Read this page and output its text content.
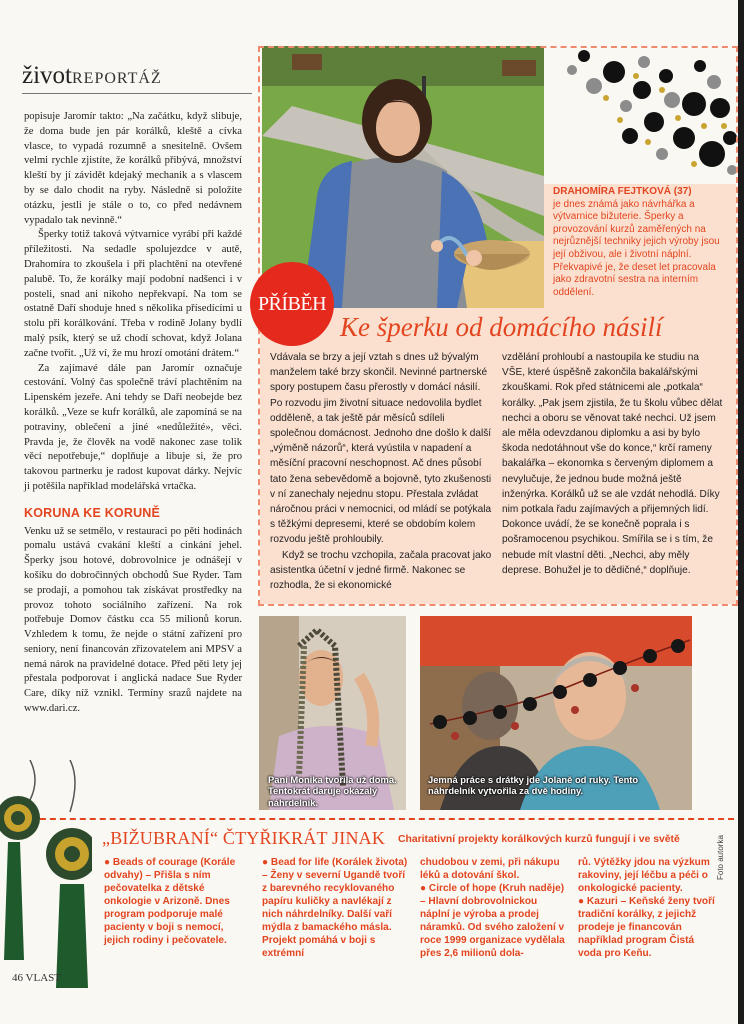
životREPORTÁŽ

popisuje Jaromír takto: „Na začátku, když slibuje, že doma bude jen pár korálků, kleště a cívka vlasce, to vypadá rozumně a snesitelně. Ovšem velmi rychle zjistíte, že korálků přibývá, množství kleští by jí závidět kdejaký mechanik a s vlascem by se dalo chodit na ryby. Následně si položíte otázku, jestli je stále o to, co před nedávnem vypadalo tak nevinně.“

Šperky totiž taková výtvarnice vyrábí při každé příležitosti. Na sedadle spolujezdce v autě, Drahomíra to zkoušela i při plachtění na otevřené palubě. To, že korálky mají podobní nadšenci i v posteli, snad ani nikoho nepřekvapí. Na tom se ostatně Daří shoduje hned s několika přísedícími u stolu při korálkování. Třeba v rodině Jolany bydlí malý psík, který se už chodí schovat, když Jolana začne tvořit. „Už ví, že mu hrozí omotání drátem.“

Za zajímavé dále pan Jaromír označuje cestování. Volný čas společně tráví plachtěním na Lipenském jezeře. Ani tehdy se Daří neobejde bez korálků. „Veze se kufr korálků, ale zapomíná se na potraviny, oblečení a jiné «nedůležité», věci. Pravda je, že člověk na vodě nakonec zase tolik věcí nepotřebuje,“ doplňuje a libuje si, že pro takovou partnerku je radost kupovat dárky. Nejvíc ji potěšila například modelářská vrtačka.

KORUNA KE KORUNĚ

Venku už se setmělo, v restauraci po pěti hodinách pomalu ustává cvakání kleští a cinkání jehel. Šperky jsou hotové, dobrovolnice je odnášejí v košíku do dobročinných obchodů Sue Ryder. Tam se prodají, a pomohou tak získávat prostředky na provoz tohoto sociálního zařízení. Na rok potřebuje Domov částku cca 55 milionů korun. Vzhledem k tomu, že nejde o státní zařízení pro seniory, není financován zřizovatelem ani MPSV a nemá nárok na pravidelné dotace. Před pěti lety jej přestala podporovat i anglická nadace Sue Ryder Care, díky níž vznikl. Termíny srazů najdete na www.dari.cz.

DRAHOMÍRA FEJTKOVÁ (37)
je dnes známá jako návrhářka a výtvarnice bižuterie. Šperky a provozování kurzů zaměřených na nejrůznější techniky jejich výroby jsou její obživou, ale i životní náplní. Překvapivé je, že deset let pracovala jako zdravotní sestra na interním oddělení.
PŘÍBĚH
Ke šperku od domácího násilí

Vdávala se brzy a její vztah s dnes už bývalým manželem také brzy skončil. Nevinné partnerské spory postupem času přerostly v domácí násilí. Po rozvodu jim životní situace nedovolila bydlet odděleně, a tak ještě pár měsíců sdíleli společnou domácnost. Jednoho dne došlo k další „výměně názorů“, která vyústila v napadení a měsíční pracovní neschopnost. Ač dnes působí tato žena sebevědomě a bojovně, tyto zkušenosti v ní zanechaly nejednu stopu. Přestala zvládat náročnou práci v nemocnici, od mládí se potýkala s těžkými depresemi, které se obdobím kolem rozvodu ještě prohloubily.

Když se trochu vzchopila, začala pracovat jako asistentka účetní v jedné firmě. Nakonec se rozhodla, že si ekonomické

vzdělání prohloubí a nastoupila ke studiu na VŠE, které úspěšně zakončila bakalářskými zkouškami. Rok před státnicemi ale „potkala“ korálky. „Pak jsem zjistila, že tu školu vůbec dělat nechci a oboru se věnovat také nechci. Už jsem ale měla odevzdanou diplomku a asi by bylo škoda nedotáhnout vše do konce,“ krčí rameny bakalářka – ekonomka s červeným diplomem a nevylučuje, že jednou bude možná ještě inženýrka. Korálků už se ale vzdát nehodlá. Díky nim potkala řadu zajímavých a přijemných lidí. Dokonce uvádí, že se konečně poprala i s pošramocenou psychikou. Smířila se i s tím, že nebude mít vlastní děti. „Nechci, aby měly deprese. Bohužel je to dědičné,“ doplňuje.

Paní Monika tvořila už doma. Tentokrát daruje okázalý náhrdelník.
Jemná práce s drátky jde Jolaně od ruky. Tento náhrdelník vytvořila za dvě hodiny.
„BIŽUBRANÍ“ ČTYŘIKRÁT JINAK Charitativní projekty korálkových kurzů fungují i ve světě

● Beads of courage (Korále odvahy) – Přišla s ním pečovatelka z dětské onkologie v Arizoně. Dnes program podporuje malé pacienty v boji s nemocí, jejich rodiny i pečovatele.

● Bead for life (Korálek života) – Ženy v severní Ugandě tvoří z barevného recyklovaného papíru kuličky a navlékají z nich náhrdelníky. Další vaří mýdla z bamackého másla. Projekt pomáhá v boji s extrémní

chudobou v zemi, při nákupu léků a dotování škol.

● Circle of hope (Kruh naděje) – Hlavní dobrovolnickou náplní je výroba a prodej náramků. Od svého založení v roce 1999 organizace vydělala přes 2,6 milionů dola-

rů. Výtěžky jdou na výzkum rakoviny, její léčbu a péči o onkologické pacienty.

● Kazuri – Keňské ženy tvoří tradiční korálky, z jejichž prodeje je financován například program Čistá voda pro Keňu.

46 VLAST
Foto autorka
